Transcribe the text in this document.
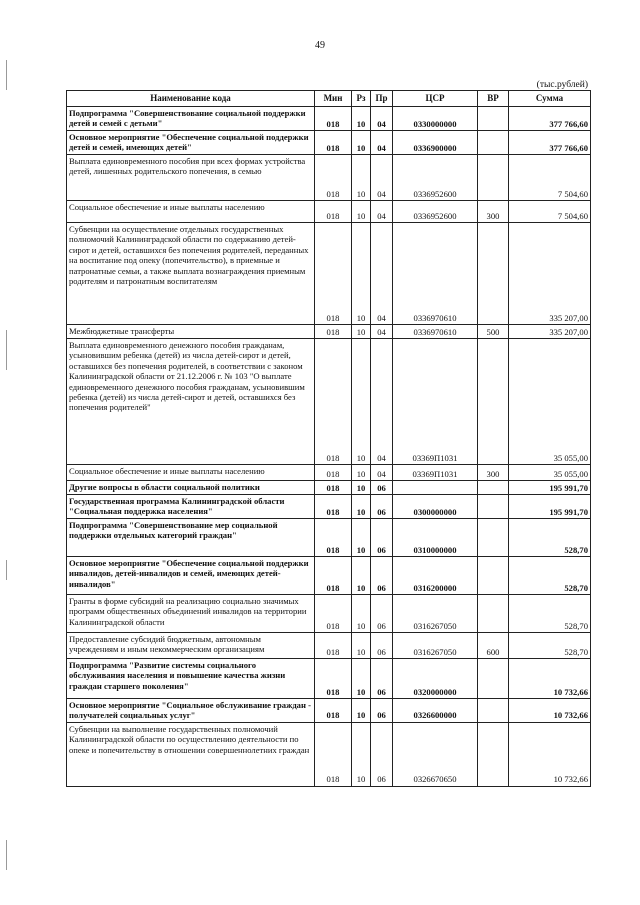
49
(тыс.рублей)
Наименование кода	Мин	Рз	Пр	ЦСР	ВР	Сумма
Подпрограмма "Совершенствование социальной поддержки детей и семей с детьми"	018	10	04	0330000000		377 766,60
Основное мероприятие "Обеспечение социальной поддержки детей и семей, имеющих детей"	018	10	04	0336900000		377 766,60
Выплата единовременного пособия при всех формах устройства детей, лишенных родительского попечения, в семью	018	10	04	0336952600		7 504,60
Социальное обеспечение и иные выплаты населению	018	10	04	0336952600	300	7 504,60
Субвенции на осуществление отдельных государственных полномочий Калининградской области по содержанию детей-сирот и детей, оставшихся без попечения родителей, переданных на воспитание под опеку (попечительство), в приемные и патронатные семьи, а также выплата вознаграждения приемным родителям и патронатным воспитателям	018	10	04	0336970610		335 207,00
Межбюджетные трансферты	018	10	04	0336970610	500	335 207,00
Выплата единовременного денежного пособия гражданам, усыновившим ребенка (детей) из числа детей-сирот и детей, оставшихся без попечения родителей, в соответствии с законом Калининградской области от 21.12.2006 г. № 103 "О выплате единовременного денежного пособия гражданам, усыновившим ребенка (детей) из числа детей-сирот и детей, оставшихся без попечения родителей"	018	10	04	03369П1031		35 055,00
Социальное обеспечение и иные выплаты населению	018	10	04	03369П1031	300	35 055,00
Другие вопросы в области социальной политики	018	10	06			195 991,70
Государственная программа Калининградской области "Социальная поддержка населения"	018	10	06	0300000000		195 991,70
Подпрограмма "Совершенствование мер социальной поддержки отдельных категорий граждан"	018	10	06	0310000000		528,70
Основное мероприятие "Обеспечение социальной поддержки инвалидов, детей-инвалидов и семей, имеющих детей-инвалидов"	018	10	06	0316200000		528,70
Гранты в форме субсидий на реализацию социально значимых программ общественных объединений инвалидов на территории Калининградской области	018	10	06	0316267050		528,70
Предоставление субсидий бюджетным, автономным учреждениям и иным некоммерческим организациям	018	10	06	0316267050	600	528,70
Подпрограмма "Развитие системы социального обслуживания населения и повышение качества жизни граждан старшего поколения"	018	10	06	0320000000		10 732,66
Основное мероприятие "Социальное обслуживание граждан - получателей социальных услуг"	018	10	06	0326600000		10 732,66
Субвенции на выполнение государственных полномочий Калининградской области по осуществлению деятельности по опеке и попечительству в отношении совершеннолетних граждан	018	10	06	0326670650		10 732,66
